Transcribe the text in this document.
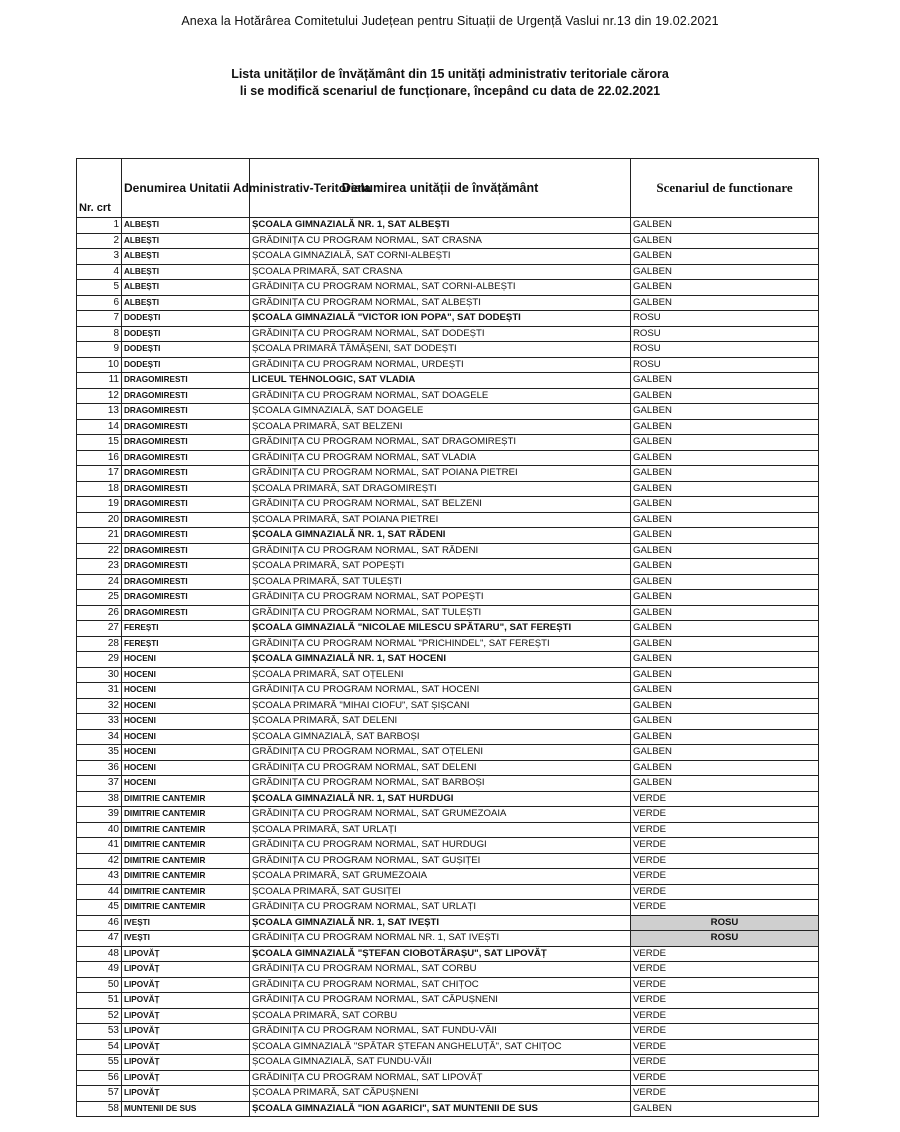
Anexa la Hotărârea Comitetului Județean pentru Situații de Urgență Vaslui nr.13 din 19.02.2021
Lista unităților de învățământ din 15 unități administrativ teritoriale cărora
li se modifică scenariul de funcționare, începând cu data de 22.02.2021
Nr. crt	Denumirea Unitatii Administrativ-Teritoriala	Denumirea unității de învățământ	Scenariul de functionare
1	ALBEȘTI	ȘCOALA GIMNAZIALĂ NR. 1, SAT ALBEȘTI	GALBEN
2	ALBEȘTI	GRĂDINIȚA CU PROGRAM NORMAL, SAT CRASNA	GALBEN
3	ALBEȘTI	ȘCOALA GIMNAZIALĂ, SAT CORNI-ALBEȘTI	GALBEN
4	ALBEȘTI	ȘCOALA PRIMARĂ, SAT CRASNA	GALBEN
5	ALBEȘTI	GRĂDINIȚA CU PROGRAM NORMAL, SAT CORNI-ALBEȘTI	GALBEN
6	ALBEȘTI	GRĂDINIȚA CU PROGRAM NORMAL, SAT ALBEȘTI	GALBEN
7	DODEȘTI	ȘCOALA GIMNAZIALĂ "VICTOR ION POPA", SAT DODEȘTI	ROSU
8	DODEȘTI	GRĂDINIȚA CU PROGRAM NORMAL, SAT DODEȘTI	ROSU
9	DODEȘTI	ȘCOALA PRIMARĂ TĂMĂȘENI, SAT DODEȘTI	ROSU
10	DODEȘTI	GRĂDINIȚA CU PROGRAM NORMAL, URDEȘTI	ROSU
11	DRAGOMIRESTI	LICEUL TEHNOLOGIC, SAT VLADIA	GALBEN
12	DRAGOMIRESTI	GRĂDINIȚA CU PROGRAM NORMAL, SAT DOAGELE	GALBEN
13	DRAGOMIRESTI	ȘCOALA GIMNAZIALĂ, SAT DOAGELE	GALBEN
14	DRAGOMIRESTI	ȘCOALA PRIMARĂ, SAT BELZENI	GALBEN
15	DRAGOMIRESTI	GRĂDINIȚA CU PROGRAM NORMAL, SAT DRAGOMIREȘTI	GALBEN
16	DRAGOMIRESTI	GRĂDINIȚA CU PROGRAM NORMAL, SAT VLADIA	GALBEN
17	DRAGOMIRESTI	GRĂDINIȚA CU PROGRAM NORMAL, SAT POIANA PIETREI	GALBEN
18	DRAGOMIRESTI	ȘCOALA PRIMARĂ, SAT DRAGOMIREȘTI	GALBEN
19	DRAGOMIRESTI	GRĂDINIȚA CU PROGRAM NORMAL, SAT BELZENI	GALBEN
20	DRAGOMIRESTI	ȘCOALA PRIMARĂ, SAT POIANA PIETREI	GALBEN
21	DRAGOMIRESTI	ȘCOALA GIMNAZIALĂ NR. 1, SAT RĂDENI	GALBEN
22	DRAGOMIRESTI	GRĂDINIȚA CU PROGRAM NORMAL, SAT RĂDENI	GALBEN
23	DRAGOMIRESTI	ȘCOALA PRIMARĂ, SAT POPEȘTI	GALBEN
24	DRAGOMIRESTI	ȘCOALA PRIMARĂ, SAT TULEȘTI	GALBEN
25	DRAGOMIRESTI	GRĂDINIȚA CU PROGRAM NORMAL, SAT POPEȘTI	GALBEN
26	DRAGOMIRESTI	GRĂDINIȚA CU PROGRAM NORMAL, SAT TULEȘTI	GALBEN
27	FEREȘTI	ȘCOALA GIMNAZIALĂ "NICOLAE MILESCU SPĂTARU", SAT FEREȘTI	GALBEN
28	FEREȘTI	GRĂDINIȚA CU PROGRAM NORMAL "PRICHINDEL", SAT FEREȘTI	GALBEN
29	HOCENI	ȘCOALA GIMNAZIALĂ NR. 1, SAT HOCENI	GALBEN
30	HOCENI	ȘCOALA PRIMARĂ, SAT OȚELENI	GALBEN
31	HOCENI	GRĂDINIȚA CU PROGRAM NORMAL, SAT HOCENI	GALBEN
32	HOCENI	ȘCOALA PRIMARĂ "MIHAI CIOFU", SAT ȘIȘCANI	GALBEN
33	HOCENI	ȘCOALA PRIMARĂ, SAT DELENI	GALBEN
34	HOCENI	ȘCOALA GIMNAZIALĂ, SAT BARBOȘI	GALBEN
35	HOCENI	GRĂDINIȚA CU PROGRAM NORMAL, SAT OȚELENI	GALBEN
36	HOCENI	GRĂDINIȚA CU PROGRAM NORMAL, SAT DELENI	GALBEN
37	HOCENI	GRĂDINIȚA CU PROGRAM NORMAL, SAT BARBOȘI	GALBEN
38	DIMITRIE CANTEMIR	ȘCOALA GIMNAZIALĂ NR. 1, SAT HURDUGI	VERDE
39	DIMITRIE CANTEMIR	GRĂDINIȚA CU PROGRAM NORMAL, SAT GRUMEZOAIA	VERDE
40	DIMITRIE CANTEMIR	ȘCOALA PRIMARĂ, SAT URLAȚI	VERDE
41	DIMITRIE CANTEMIR	GRĂDINIȚA CU PROGRAM NORMAL, SAT HURDUGI	VERDE
42	DIMITRIE CANTEMIR	GRĂDINIȚA CU PROGRAM NORMAL, SAT GUȘIȚEI	VERDE
43	DIMITRIE CANTEMIR	ȘCOALA PRIMARĂ, SAT GRUMEZOAIA	VERDE
44	DIMITRIE CANTEMIR	ȘCOALA PRIMARĂ, SAT GUSIȚEI	VERDE
45	DIMITRIE CANTEMIR	GRĂDINIȚA CU PROGRAM NORMAL, SAT URLAȚI	VERDE
46	IVEȘTI	ȘCOALA GIMNAZIALĂ NR. 1, SAT IVEȘTI	ROSU
47	IVEȘTI	GRĂDINIȚA CU PROGRAM NORMAL NR. 1, SAT IVEȘTI	ROSU
48	LIPOVĂȚ	ȘCOALA GIMNAZIALĂ "ȘTEFAN CIOBOTĂRAȘU", SAT LIPOVĂȚ	VERDE
49	LIPOVĂȚ	GRĂDINIȚA CU PROGRAM NORMAL, SAT CORBU	VERDE
50	LIPOVĂȚ	GRĂDINIȚA CU PROGRAM NORMAL, SAT CHIȚOC	VERDE
51	LIPOVĂȚ	GRĂDINIȚA CU PROGRAM NORMAL, SAT CĂPUȘNENI	VERDE
52	LIPOVĂȚ	ȘCOALA PRIMARĂ, SAT CORBU	VERDE
53	LIPOVĂȚ	GRĂDINIȚA CU PROGRAM NORMAL, SAT FUNDU-VĂII	VERDE
54	LIPOVĂȚ	ȘCOALA GIMNAZIALĂ "SPĂTAR ȘTEFAN ANGHELUȚĂ", SAT CHIȚOC	VERDE
55	LIPOVĂȚ	ȘCOALA GIMNAZIALĂ, SAT FUNDU-VĂII	VERDE
56	LIPOVĂȚ	GRĂDINIȚA CU PROGRAM NORMAL, SAT LIPOVĂȚ	VERDE
57	LIPOVĂȚ	ȘCOALA PRIMARĂ, SAT CĂPUȘNENI	VERDE
58	MUNTENII DE SUS	ȘCOALA GIMNAZIALĂ "ION AGARICI", SAT MUNTENII DE SUS	GALBEN
